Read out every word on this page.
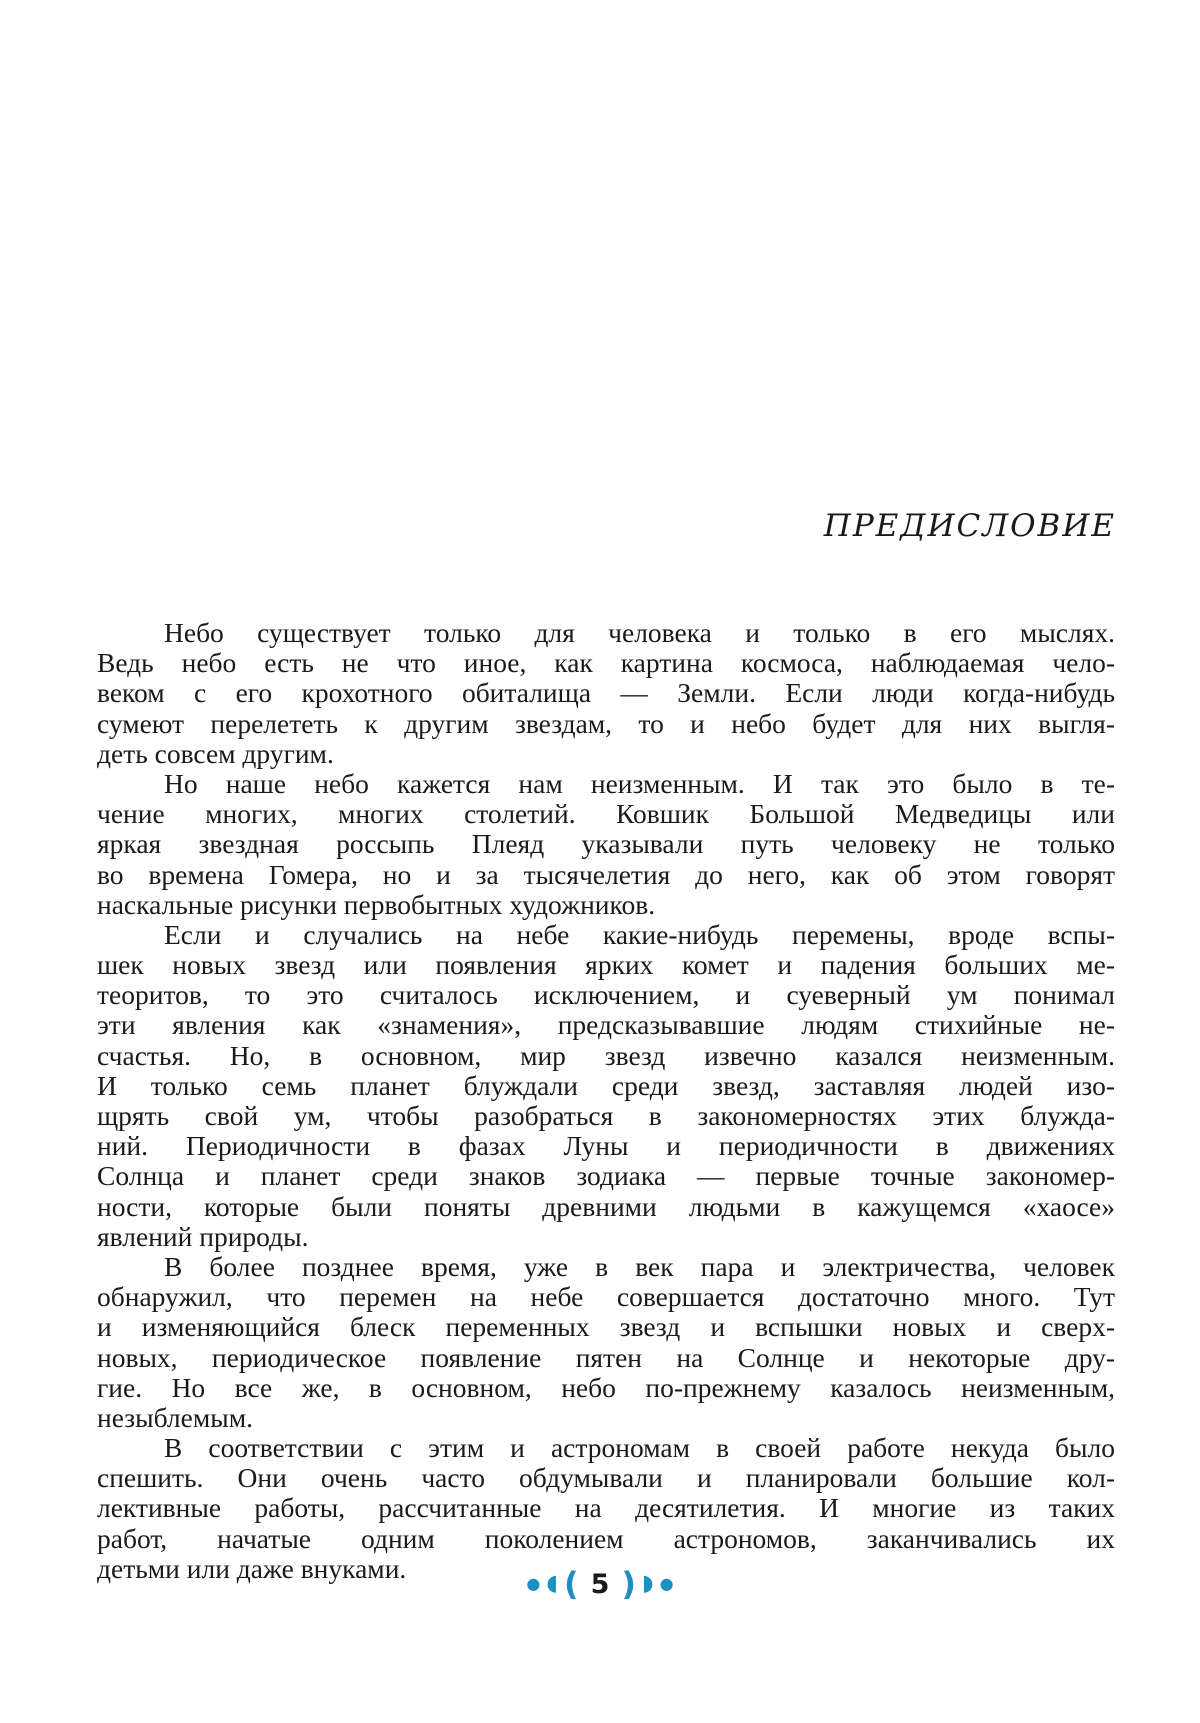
ПРЕДИСЛОВИЕ
Небо существует только для человека и только в его мыслях.
Ведь небо есть не что иное, как картина космоса, наблюдаемая чело-
веком с его крохотного обиталища — Земли. Если люди когда-нибудь
сумеют перелететь к другим звездам, то и небо будет для них выгля-
деть совсем другим.
Но наше небо кажется нам неизменным. И так это было в те-
чение многих, многих столетий. Ковшик Большой Медведицы или
яркая звездная россыпь Плеяд указывали путь человеку не только
во времена Гомера, но и за тысячелетия до него, как об этом говорят
наскальные рисунки первобытных художников.
Если и случались на небе какие-нибудь перемены, вроде вспы-
шек новых звезд или появления ярких комет и падения больших ме-
теоритов, то это считалось исключением, и суеверный ум понимал
эти явления как «знамения», предсказывавшие людям стихийные не-
счастья. Но, в основном, мир звезд извечно казался неизменным.
И только семь планет блуждали среди звезд, заставляя людей изо-
щрять свой ум, чтобы разобраться в закономерностях этих блужда-
ний. Периодичности в фазах Луны и периодичности в движениях
Солнца и планет среди знаков зодиака — первые точные закономер-
ности, которые были поняты древними людьми в кажущемся «хаосе»
явлений природы.
В более позднее время, уже в век пара и электричества, человек
обнаружил, что перемен на небе совершается достаточно много. Тут
и изменяющийся блеск переменных звезд и вспышки новых и сверх-
новых, периодическое появление пятен на Солнце и некоторые дру-
гие. Но все же, в основном, небо по-прежнему казалось неизменным,
незыблемым.
В соответствии с этим и астрономам в своей работе некуда было
спешить. Они очень часто обдумывали и планировали большие кол-
лективные работы, рассчитанные на десятилетия. И многие из таких
работ, начатые одним поколением астрономов, заканчивались их
детьми или даже внуками.	● ◖ ( 5 ) ◗ ●
